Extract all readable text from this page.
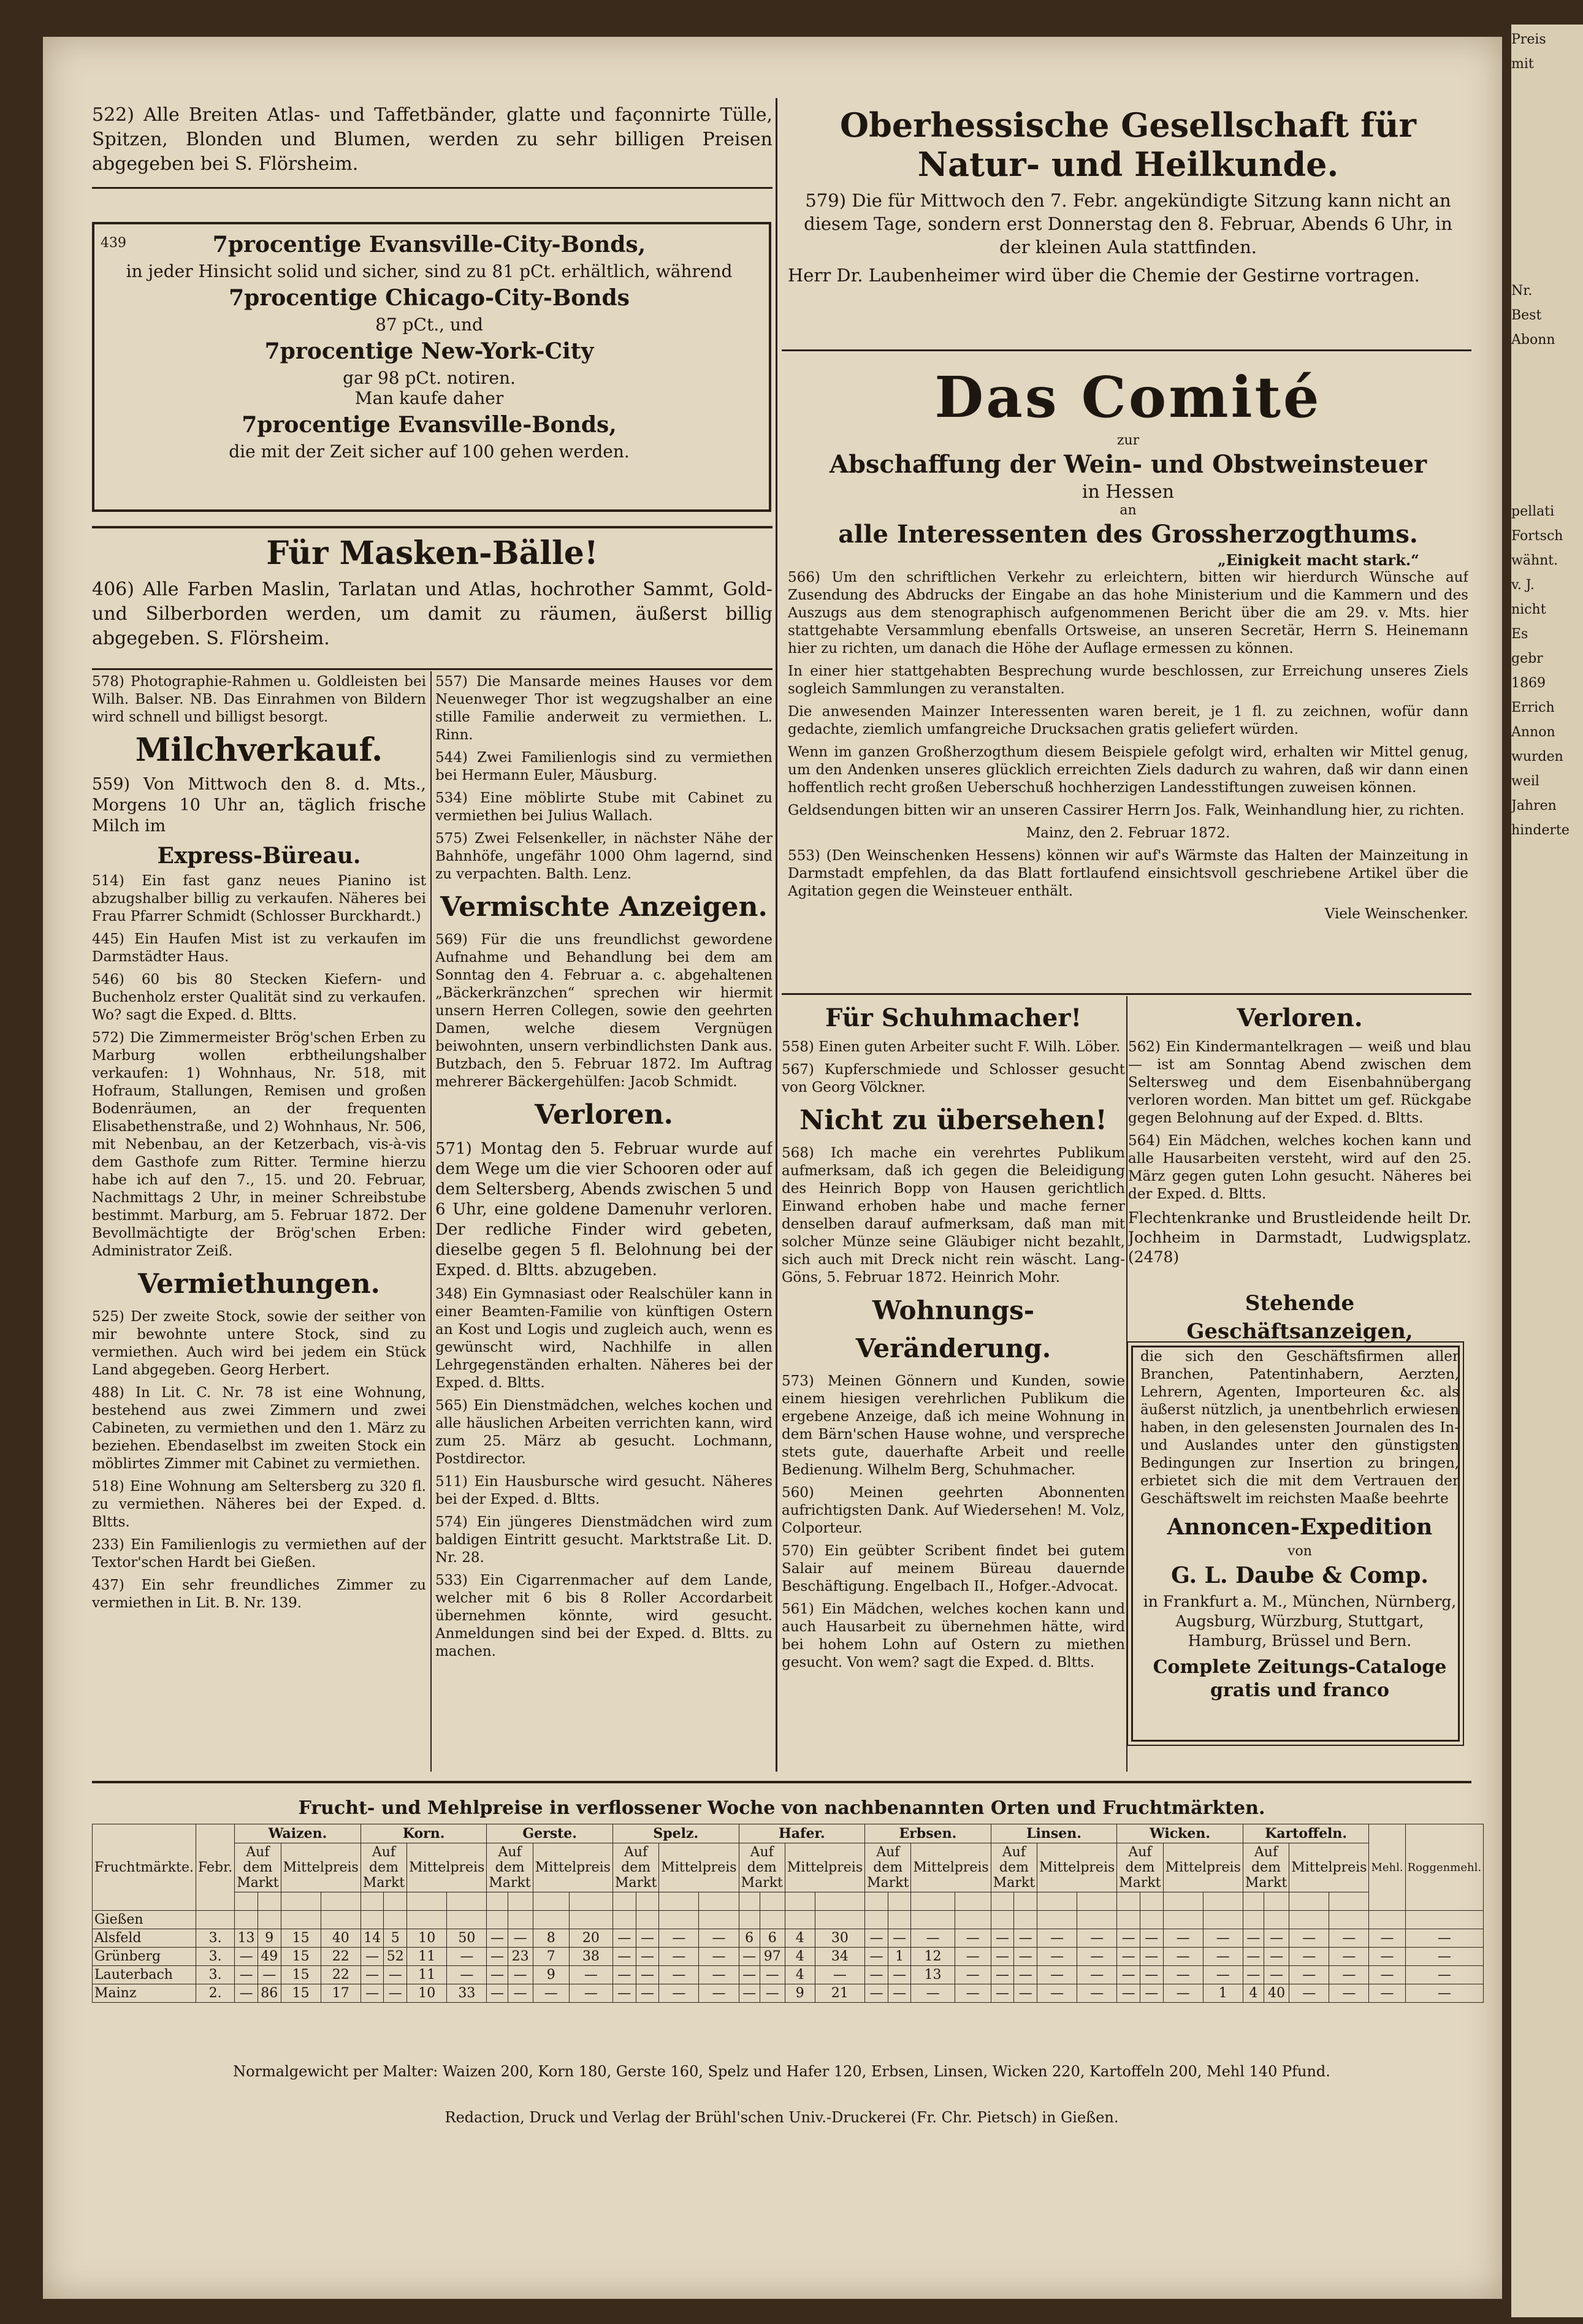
Preis
mit
Nr.
Best
Abonn
pellati
Fortsch
wähnt.
v. J.
nicht
Es
gebr
1869
Errich
Annon
wurden
weil
Jahren
hinderte

522) Alle Breiten Atlas- und Taffetbänder, glatte und façonnirte Tülle, Spitzen, Blonden und Blumen, werden zu sehr billigen Preisen abgegeben bei S. Flörsheim.

439	7procentige Evansville-City-Bonds,
in jeder Hinsicht solid und sicher, sind zu 81 pCt. erhältlich, während
7procentige Chicago-City-Bonds
87 pCt., und
7procentige New-York-City
gar 98 pCt. notiren.
Man kaufe daher
7procentige Evansville-Bonds,
die mit der Zeit sicher auf 100 gehen werden.
Für Masken-Bälle!

406) Alle Farben Maslin, Tarlatan und Atlas, hochrother Sammt, Gold- und Silberborden werden, um damit zu räumen, äußerst billig abgegeben. S. Flörsheim.

Oberhessische Gesellschaft für Natur- und Heilkunde.

579) Die für Mittwoch den 7. Febr. angekündigte Sitzung kann nicht an diesem Tage, sondern erst Donnerstag den 8. Februar, Abends 6 Uhr, in der kleinen Aula stattfinden.

Herr Dr. Laubenheimer wird über die Chemie der Gestirne vortragen.

Das Comité
zur
Abschaffung der Wein- und Obstweinsteuer
in Hessen
an
alle Interessenten des Grossherzogthums.
„Einigkeit macht stark.“

566) Um den schriftlichen Verkehr zu erleichtern, bitten wir hierdurch Wünsche auf Zusendung des Abdrucks der Eingabe an das hohe Ministerium und die Kammern und des Auszugs aus dem stenographisch aufgenommenen Bericht über die am 29. v. Mts. hier stattgehabte Versammlung ebenfalls Ortsweise, an unseren Secretär, Herrn S. Heinemann hier zu richten, um danach die Höhe der Auflage ermessen zu können.

In einer hier stattgehabten Besprechung wurde beschlossen, zur Erreichung unseres Ziels sogleich Sammlungen zu veranstalten.

Die anwesenden Mainzer Interessenten waren bereit, je 1 fl. zu zeichnen, wofür dann gedachte, ziemlich umfangreiche Drucksachen gratis geliefert würden.

Wenn im ganzen Großherzogthum diesem Beispiele gefolgt wird, erhalten wir Mittel genug, um den Andenken unseres glücklich erreichten Ziels dadurch zu wahren, daß wir dann einen hoffentlich recht großen Ueberschuß hochherzigen Landesstiftungen zuweisen können.

Geldsendungen bitten wir an unseren Cassirer Herrn Jos. Falk, Weinhandlung hier, zu richten.

Mainz, den 2. Februar 1872.

553) (Den Weinschenken Hessens) können wir auf's Wärmste das Halten der Mainzeitung in Darmstadt empfehlen, da das Blatt fortlaufend einsichtsvoll geschriebene Artikel über die Agitation gegen die Weinsteuer enthält.

Viele Weinschenker.

578) Photographie-Rahmen u. Goldleisten bei Wilh. Balser. NB. Das Einrahmen von Bildern wird schnell und billigst besorgt.

Milchverkauf.

559) Von Mittwoch den 8. d. Mts., Morgens 10 Uhr an, täglich frische Milch im

Express-Büreau.

514) Ein fast ganz neues Pianino ist abzugshalber billig zu verkaufen. Näheres bei Frau Pfarrer Schmidt (Schlosser Burckhardt.)

445) Ein Haufen Mist ist zu verkaufen im Darmstädter Haus.

546) 60 bis 80 Stecken Kiefern- und Buchenholz erster Qualität sind zu verkaufen. Wo? sagt die Exped. d. Bltts.

572) Die Zimmermeister Brög'schen Erben zu Marburg wollen erbtheilungshalber verkaufen: 1) Wohnhaus, Nr. 518, mit Hofraum, Stallungen, Remisen und großen Bodenräumen, an der frequenten Elisabethenstraße, und 2) Wohnhaus, Nr. 506, mit Nebenbau, an der Ketzerbach, vis-à-vis dem Gasthofe zum Ritter. Termine hierzu habe ich auf den 7., 15. und 20. Februar, Nachmittags 2 Uhr, in meiner Schreibstube bestimmt. Marburg, am 5. Februar 1872. Der Bevollmächtigte der Brög'schen Erben: Administrator Zeiß.

Vermiethungen.

525) Der zweite Stock, sowie der seither von mir bewohnte untere Stock, sind zu vermiethen. Auch wird bei jedem ein Stück Land abgegeben. Georg Herbert.

488) In Lit. C. Nr. 78 ist eine Wohnung, bestehend aus zwei Zimmern und zwei Cabineten, zu vermiethen und den 1. März zu beziehen. Ebendaselbst im zweiten Stock ein möblirtes Zimmer mit Cabinet zu vermiethen.

518) Eine Wohnung am Seltersberg zu 320 fl. zu vermiethen. Näheres bei der Exped. d. Bltts.

233) Ein Familienlogis zu vermiethen auf der Textor'schen Hardt bei Gießen.

437) Ein sehr freundliches Zimmer zu vermiethen in Lit. B. Nr. 139.

557) Die Mansarde meines Hauses vor dem Neuenweger Thor ist wegzugshalber an eine stille Familie anderweit zu vermiethen. L. Rinn.

544) Zwei Familienlogis sind zu vermiethen bei Hermann Euler, Mäusburg.

534) Eine möblirte Stube mit Cabinet zu vermiethen bei Julius Wallach.

575) Zwei Felsenkeller, in nächster Nähe der Bahnhöfe, ungefähr 1000 Ohm lagernd, sind zu verpachten. Balth. Lenz.

Vermischte Anzeigen.

569) Für die uns freundlichst gewordene Aufnahme und Behandlung bei dem am Sonntag den 4. Februar a. c. abgehaltenen „Bäckerkränzchen“ sprechen wir hiermit unsern Herren Collegen, sowie den geehrten Damen, welche diesem Vergnügen beiwohnten, unsern verbindlichsten Dank aus. Butzbach, den 5. Februar 1872. Im Auftrag mehrerer Bäckergehülfen: Jacob Schmidt.

Verloren.

571) Montag den 5. Februar wurde auf dem Wege um die vier Schooren oder auf dem Seltersberg, Abends zwischen 5 und 6 Uhr, eine goldene Damenuhr verloren. Der redliche Finder wird gebeten, dieselbe gegen 5 fl. Belohnung bei der Exped. d. Bltts. abzugeben.

348) Ein Gymnasiast oder Realschüler kann in einer Beamten-Familie von künftigen Ostern an Kost und Logis und zugleich auch, wenn es gewünscht wird, Nachhilfe in allen Lehrgegenständen erhalten. Näheres bei der Exped. d. Bltts.

565) Ein Dienstmädchen, welches kochen und alle häuslichen Arbeiten verrichten kann, wird zum 25. März ab gesucht. Lochmann, Postdirector.

511) Ein Hausbursche wird gesucht. Näheres bei der Exped. d. Bltts.

574) Ein jüngeres Dienstmädchen wird zum baldigen Eintritt gesucht. Marktstraße Lit. D. Nr. 28.

533) Ein Cigarrenmacher auf dem Lande, welcher mit 6 bis 8 Roller Accordarbeit übernehmen könnte, wird gesucht. Anmeldungen sind bei der Exped. d. Bltts. zu machen.

Für Schuhmacher!

558) Einen guten Arbeiter sucht F. Wilh. Löber.

567) Kupferschmiede und Schlosser gesucht von Georg Völckner.

Nicht zu übersehen!

568) Ich mache ein verehrtes Publikum aufmerksam, daß ich gegen die Beleidigung des Heinrich Bopp von Hausen gerichtlich Einwand erhoben habe und mache ferner denselben darauf aufmerksam, daß man mit solcher Münze seine Gläubiger nicht bezahlt, sich auch mit Dreck nicht rein wäscht. Lang-Göns, 5. Februar 1872. Heinrich Mohr.

Wohnungs-Veränderung.

573) Meinen Gönnern und Kunden, sowie einem hiesigen verehrlichen Publikum die ergebene Anzeige, daß ich meine Wohnung in dem Bärn'schen Hause wohne, und verspreche stets gute, dauerhafte Arbeit und reelle Bedienung. Wilhelm Berg, Schuhmacher.

560) Meinen geehrten Abonnenten aufrichtigsten Dank. Auf Wiedersehen! M. Volz, Colporteur.

570) Ein geübter Scribent findet bei gutem Salair auf meinem Büreau dauernde Beschäftigung. Engelbach II., Hofger.-Advocat.

561) Ein Mädchen, welches kochen kann und auch Hausarbeit zu übernehmen hätte, wird bei hohem Lohn auf Ostern zu miethen gesucht. Von wem? sagt die Exped. d. Bltts.

Verloren.

562) Ein Kindermantelkragen — weiß und blau — ist am Sonntag Abend zwischen dem Seltersweg und dem Eisenbahnübergang verloren worden. Man bittet um gef. Rückgabe gegen Belohnung auf der Exped. d. Bltts.

564) Ein Mädchen, welches kochen kann und alle Hausarbeiten versteht, wird auf den 25. März gegen guten Lohn gesucht. Näheres bei der Exped. d. Bltts.

Flechtenkranke und Brustleidende heilt Dr. Jochheim in Darmstadt, Ludwigsplatz. (2478)

Stehende Geschäftsanzeigen,

die sich den Geschäftsfirmen aller Branchen, Patentinhabern, Aerzten, Lehrern, Agenten, Importeuren &c. als äußerst nützlich, ja unentbehrlich erwiesen haben, in den gelesensten Journalen des In- und Auslandes unter den günstigsten Bedingungen zur Insertion zu bringen, erbietet sich die mit dem Vertrauen der Geschäftswelt im reichsten Maaße beehrte

Annoncen-Expedition
von
G. L. Daube & Comp.

in Frankfurt a. M., München, Nürnberg, Augsburg, Würzburg, Stuttgart, Hamburg, Brüssel und Bern.

Complete Zeitungs-Cataloge gratis und franco
Frucht- und Mehlpreise in verflossener Woche von nachbenannten Orten und Fruchtmärkten.
Fruchtmärkte.	Febr.	Waizen.				Korn.				Gerste.				Spelz.				Hafer.				Erbsen.				Linsen.				Wicken.				Kartoffeln.				Mehl.	Roggenmehl.
		Auf dem Markt		Mittelpreis		Auf dem Markt		Mittelpreis		Auf dem Markt		Mittelpreis		Auf dem Markt		Mittelpreis		Auf dem Markt		Mittelpreis		Auf dem Markt		Mittelpreis		Auf dem Markt		Mittelpreis		Auf dem Markt		Mittelpreis		Auf dem Markt		Mittelpreis			

Gießen																																							
Alsfeld	3.	13	9	15	40	14	5	10	50	—	—	8	20	—	—	—	—	6	6	4	30	—	—	—	—	—	—	—	—	—	—	—	—	—	—	—	—	—	—
Grünberg	3.	—	49	15	22	—	52	11	—	—	23	7	38	—	—	—	—	—	97	4	34	—	1	12	—	—	—	—	—	—	—	—	—	—	—	—	—	—	—
Lauterbach	3.	—	—	15	22	—	—	11	—	—	—	9	—	—	—	—	—	—	—	4	—	—	—	13	—	—	—	—	—	—	—	—	—	—	—	—	—	—	—
Mainz	2.	—	86	15	17	—	—	10	33	—	—	—	—	—	—	—	—	—	—	9	21	—	—	—	—	—	—	—	—	—	—	—	1	4	40	—	—	—	—
Normalgewicht per Malter: Waizen 200, Korn 180, Gerste 160, Spelz und Hafer 120, Erbsen, Linsen, Wicken 220, Kartoffeln 200, Mehl 140 Pfund.
Redaction, Druck und Verlag der Brühl'schen Univ.-Druckerei (Fr. Chr. Pietsch) in Gießen.
